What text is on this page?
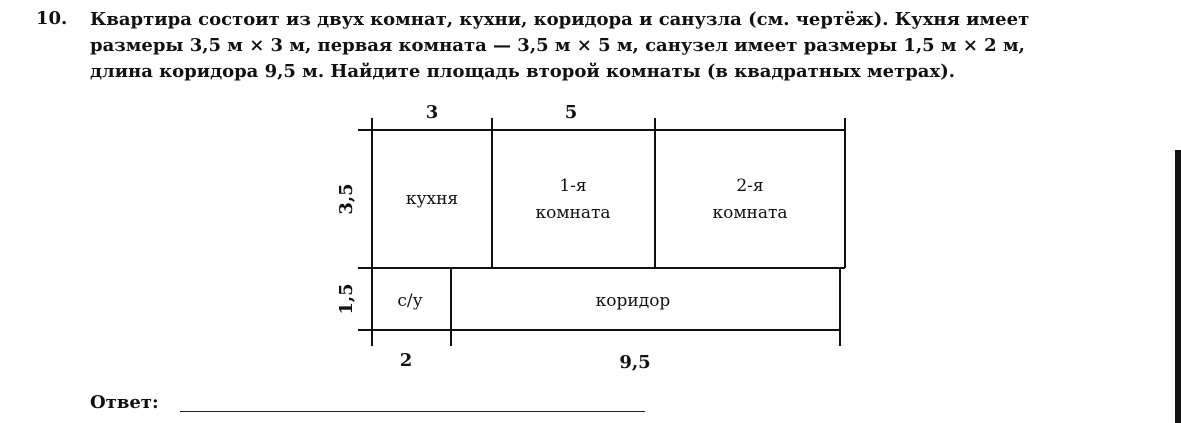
10. Квартира состоит из двух комнат, кухни, коридора и санузла (см. чертёж). Кухня имеет
размеры 3,5 м × 3 м, первая комната — 3,5 м × 5 м, санузел имеет размеры 1,5 м × 2 м,
длина коридора 9,5 м. Найдите площадь второй комнаты (в квадратных метрах).
3	5
3,5
1,5
2	9,5
кухня
1-я
комната
2-я
комната
с/у	коридор
Ответ:
